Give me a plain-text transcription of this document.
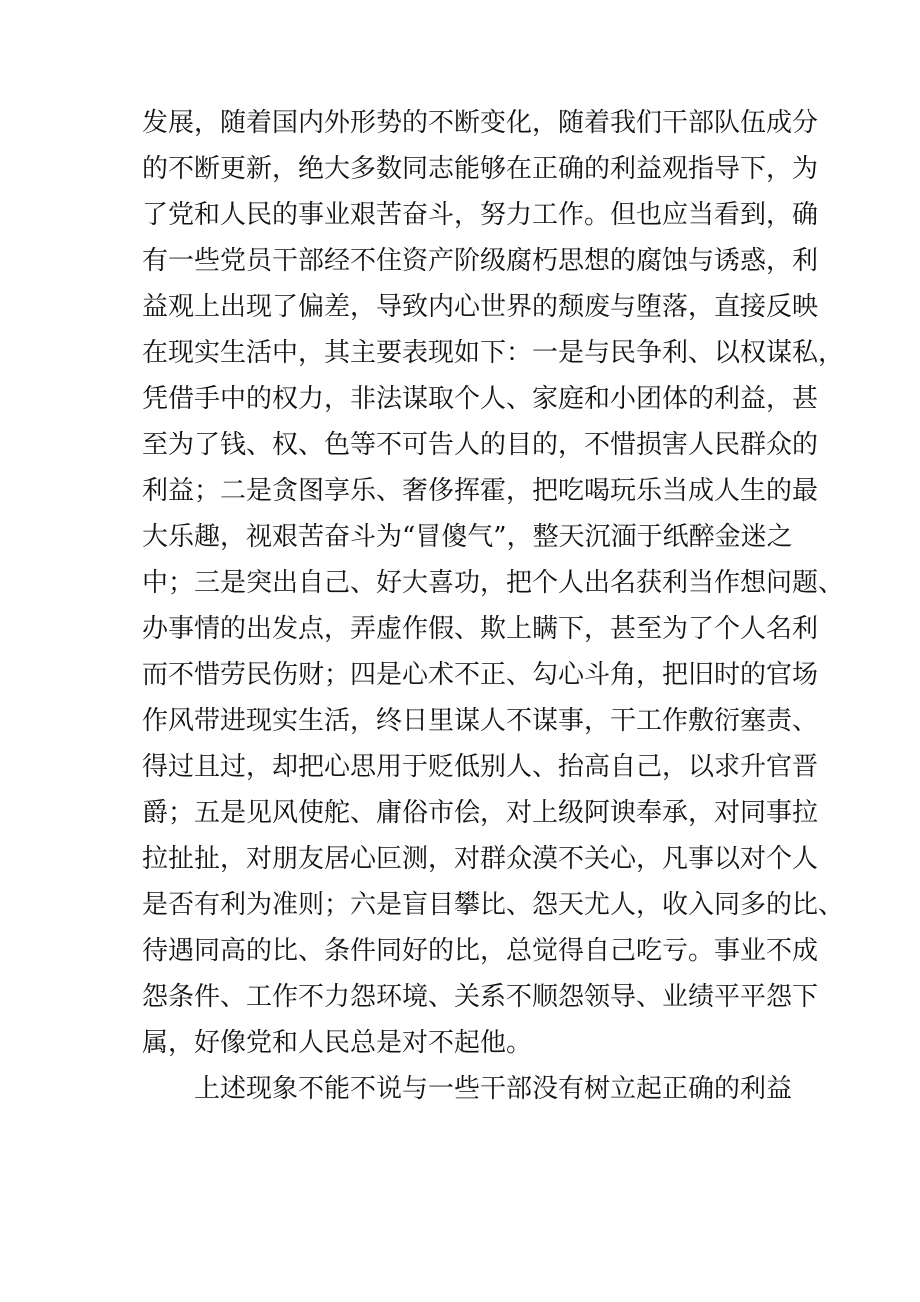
发展，随着国内外形势的不断变化，随着我们干部队伍成分
的不断更新，绝大多数同志能够在正确的利益观指导下，为
了党和人民的事业艰苦奋斗，努力工作。但也应当看到，确
有一些党员干部经不住资产阶级腐朽思想的腐蚀与诱惑，利
益观上出现了偏差，导致内心世界的颓废与堕落，直接反映
在现实生活中，其主要表现如下：一是与民争利、以权谋私，
凭借手中的权力，非法谋取个人、家庭和小团体的利益，甚
至为了钱、权、色等不可告人的目的，不惜损害人民群众的
利益；二是贪图享乐、奢侈挥霍，把吃喝玩乐当成人生的最
大乐趣，视艰苦奋斗为“冒傻气”，整天沉湎于纸醉金迷之
中；三是突出自己、好大喜功，把个人出名获利当作想问题、
办事情的出发点，弄虚作假、欺上瞒下，甚至为了个人名利
而不惜劳民伤财；四是心术不正、勾心斗角，把旧时的官场
作风带进现实生活，终日里谋人不谋事，干工作敷衍塞责、
得过且过，却把心思用于贬低别人、抬高自己，以求升官晋
爵；五是见风使舵、庸俗市侩，对上级阿谀奉承，对同事拉
拉扯扯，对朋友居心叵测，对群众漠不关心，凡事以对个人
是否有利为准则；六是盲目攀比、怨天尤人，收入同多的比、
待遇同高的比、条件同好的比，总觉得自己吃亏。事业不成
怨条件、工作不力怨环境、关系不顺怨领导、业绩平平怨下
属，好像党和人民总是对不起他。
上述现象不能不说与一些干部没有树立起正确的利益
